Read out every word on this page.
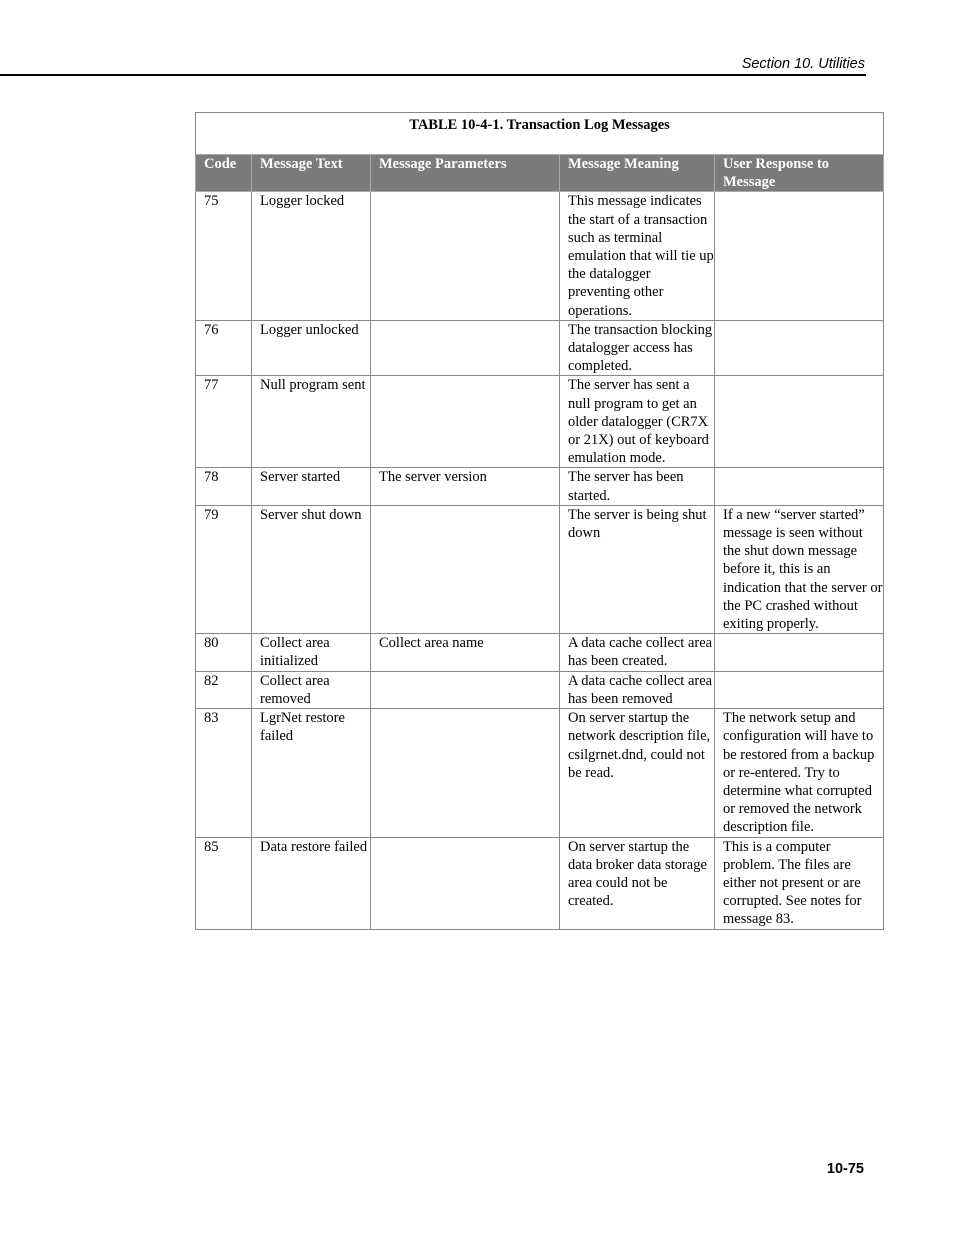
Section 10. Utilities
TABLE 10-4-1. Transaction Log Messages				
Code	Message Text	Message Parameters	Message Meaning	User Response to Message
75	Logger locked		This message indicates the start of a transaction such as terminal emulation that will tie up the datalogger preventing other operations.	
76	Logger unlocked		The transaction blocking datalogger access has completed.	
77	Null program sent		The server has sent a null program to get an older datalogger (CR7X or 21X) out of keyboard emulation mode.	
78	Server started	The server version	The server has been started.	
79	Server shut down		The server is being shut down	If a new “server started” message is seen without the shut down message before it, this is an indication that the server or the PC crashed without exiting properly.
80	Collect area initialized	Collect area name	A data cache collect area has been created.	
82	Collect area removed		A data cache collect area has been removed	
83	LgrNet restore failed		On server startup the network description file, csilgrnet.dnd, could not be read.	The network setup and configuration will have to be restored from a backup or re-entered. Try to determine what corrupted or removed the network description file.
85	Data restore failed		On server startup the data broker data storage area could not be created.	This is a computer problem. The files are either not present or are corrupted. See notes for message 83.
10-75
